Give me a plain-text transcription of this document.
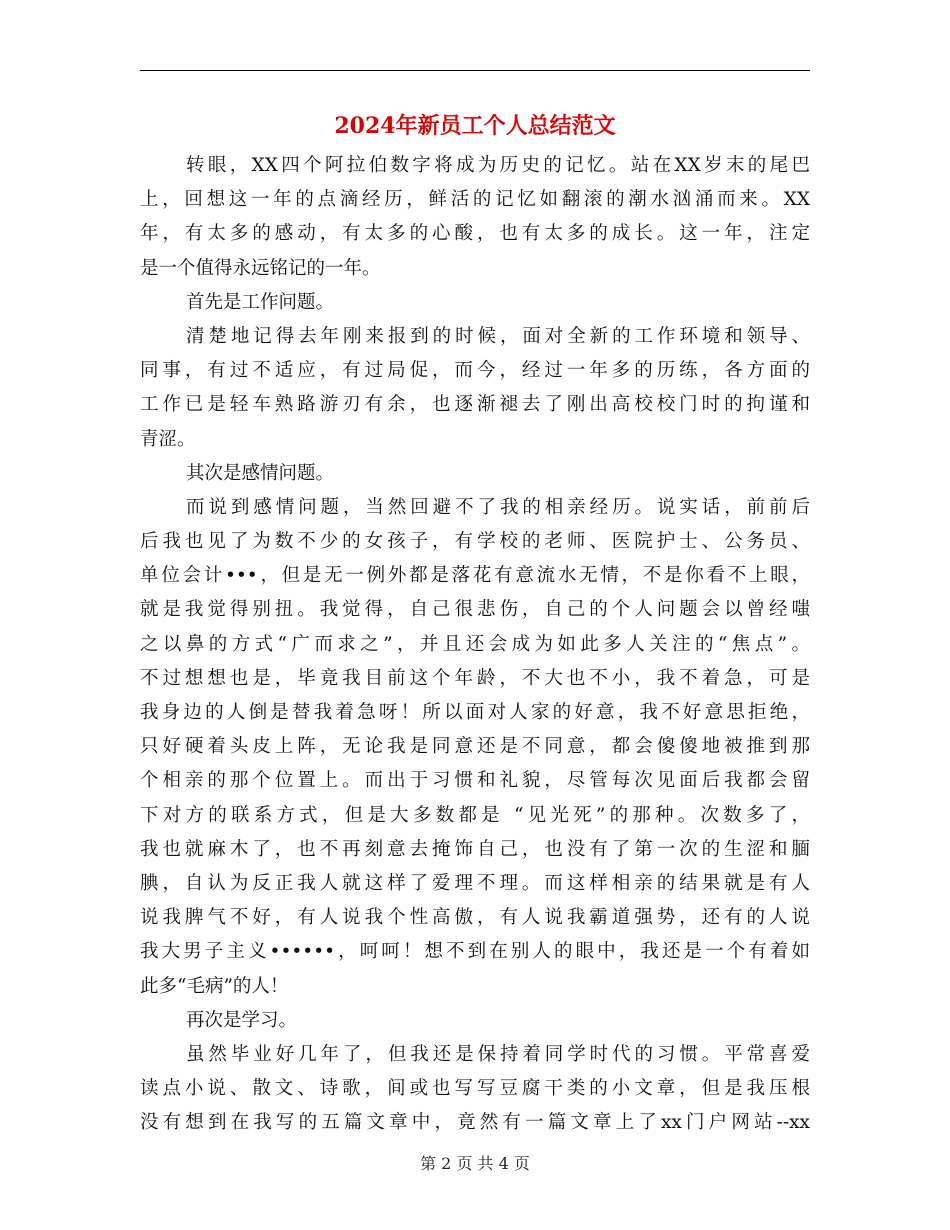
2024年新员工个人总结范文
转眼，XX四个阿拉伯数字将成为历史的记忆。站在XX岁末的尾巴
上，回想这一年的点滴经历，鲜活的记忆如翻滚的潮水汹涌而来。XX
年，有太多的感动，有太多的心酸，也有太多的成长。这一年，注定
是一个值得永远铭记的一年。
首先是工作问题。
清楚地记得去年刚来报到的时候，面对全新的工作环境和领导、
同事，有过不适应，有过局促，而今，经过一年多的历练，各方面的
工作已是轻车熟路游刃有余，也逐渐褪去了刚出高校校门时的拘谨和
青涩。
其次是感情问题。
而说到感情问题，当然回避不了我的相亲经历。说实话，前前后
后我也见了为数不少的女孩子，有学校的老师、医院护士、公务员、
单位会计•••，但是无一例外都是落花有意流水无情，不是你看不上眼，
就是我觉得别扭。我觉得，自己很悲伤，自己的个人问题会以曾经嗤
之以鼻的方式“广而求之”，并且还会成为如此多人关注的“焦点”。
不过想想也是，毕竟我目前这个年龄，不大也不小，我不着急，可是
我身边的人倒是替我着急呀！所以面对人家的好意，我不好意思拒绝，
只好硬着头皮上阵，无论我是同意还是不同意，都会傻傻地被推到那
个相亲的那个位置上。而出于习惯和礼貌，尽管每次见面后我都会留
下对方的联系方式，但是大多数都是 “见光死”的那种。次数多了，
我也就麻木了，也不再刻意去掩饰自己，也没有了第一次的生涩和腼
腆，自认为反正我人就这样了爱理不理。而这样相亲的结果就是有人
说我脾气不好，有人说我个性高傲，有人说我霸道强势，还有的人说
我大男子主义••••••，呵呵！想不到在别人的眼中，我还是一个有着如
此多“毛病”的人！
再次是学习。
虽然毕业好几年了，但我还是保持着同学时代的习惯。平常喜爱
读点小说、散文、诗歌，间或也写写豆腐干类的小文章，但是我压根
没有想到在我写的五篇文章中，竟然有一篇文章上了xx门户网站--xx
第 2 页 共 4 页
